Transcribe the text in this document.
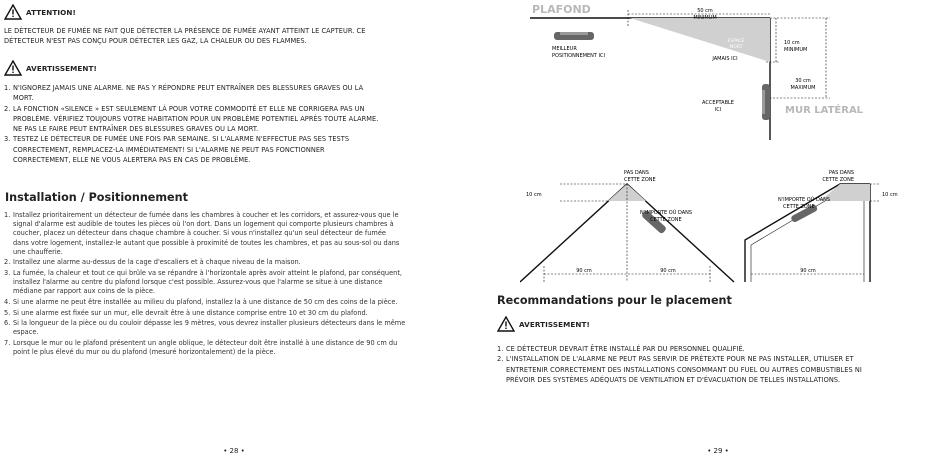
ATTENTION!

LE DÉTECTEUR DE FUMÉE NE FAIT QUE DÉTECTER LA PRÉSENCE DE FUMÉE AYANT ATTEINT LE CAPTEUR. CE

DÉTECTEUR N'EST PAS CONÇU POUR DÉTECTER LES GAZ, LA CHALEUR OU DES FLAMMES.

AVERTISSEMENT!
1. N'IGNOREZ JAMAIS UNE ALARME. NE PAS Y RÉPONDRE PEUT ENTRAÎNER DES BLESSURES GRAVES OU LA

MORT.

2. LA FONCTION «SILENCE » EST SEULEMENT LÀ POUR VOTRE COMMODITÉ ET ELLE NE CORRIGERA PAS UN

PROBLÈME. VÉRIFIEZ TOUJOURS VOTRE HABITATION POUR UN PROBLÈME POTENTIEL APRÈS TOUTE ALARME.

NE PAS LE FAIRE PEUT ENTRAÎNER DES BLESSURES GRAVES OU LA MORT.

3. TESTEZ LE DÉTECTEUR DE FUMÉE UNE FOIS PAR SEMAINE. SI L'ALARME N'EFFECTUE PAS SES TESTS

CORRECTEMENT, REMPLACEZ-LA IMMÉDIATEMENT! SI L'ALARME NE PEUT PAS FONCTIONNER

CORRECTEMENT, ELLE NE VOUS ALERTERA PAS EN CAS DE PROBLÈME.

Installation / Positionnement
1. Installez prioritairement un détecteur de fumée dans les chambres à coucher et les corridors, et assurez-vous que le
signal d'alarme est audible de toutes les pièces où l'on dort. Dans un logement qui comporte plusieurs chambres à
coucher, placez un détecteur dans chaque chambre à coucher. Si vous n'installez qu'un seul détecteur de fumée
dans votre logement, installez-le autant que possible à proximité de toutes les chambres, et pas au sous-sol ou dans
une chaufferie.
2. Installez une alarme au-dessus de la cage d'escaliers et à chaque niveau de la maison.
3. La fumée, la chaleur et tout ce qui brûle va se répandre à l'horizontale après avoir atteint le plafond, par conséquent,
installez l'alarme au centre du plafond lorsque c'est possible. Assurez-vous que l'alarme se situe à une distance
médiane par rapport aux coins de la pièce.
4. Si une alarme ne peut être installée au milieu du plafond, installez la à une distance de 50 cm des coins de la pièce.
5. Si une alarme est fixée sur un mur, elle devrait être à une distance comprise entre 10 et 30 cm du plafond.
6. Si la longueur de la pièce ou du couloir dépasse les 9 mètres, vous devrez installer plusieurs détecteurs dans le même
espace.
7. Lorsque le mur ou le plafond présentent un angle oblique, le détecteur doit être installé à une distance de 90 cm du
point le plus élevé du mur ou du plafond (mesuré horizontalement) de la pièce.
• 28 •
50 cm
MINIMUM
PLAFOND
ESPACE
MORT
MEILLEUR
POSITIONNEMENT ICI	JAMAIS ICI
10 cm
MINIMUM
30 cm
MAXIMUM
ACCEPTABLE
ICI	MUR LATÉRAL
10 cm
90 cm	90 cm
PAS DANS
CETTE ZONE
N'IMPORTE OÙ DANS
CETTE ZONE
10 cm
PAS DANS
CETTE ZONE
N'IMPORTE OÙ DANS
CETTE ZONE
90 cm
Recommandations pour le placement
AVERTISSEMENT!
1. CE DÉTECTEUR DEVRAIT ÊTRE INSTALLÉ PAR DU PERSONNEL QUALIFIÉ.

2. L'INSTALLATION DE L'ALARME NE PEUT PAS SERVIR DE PRÉTEXTE POUR NE PAS INSTALLER, UTILISER ET

ENTRETENIR CORRECTEMENT DES INSTALLATIONS CONSOMMANT DU FUEL OU AUTRES COMBUSTIBLES NI

PRÉVOIR DES SYSTÈMES ADÉQUATS DE VENTILATION ET D'ÉVACUATION DE TELLES INSTALLATIONS.

• 29 •
